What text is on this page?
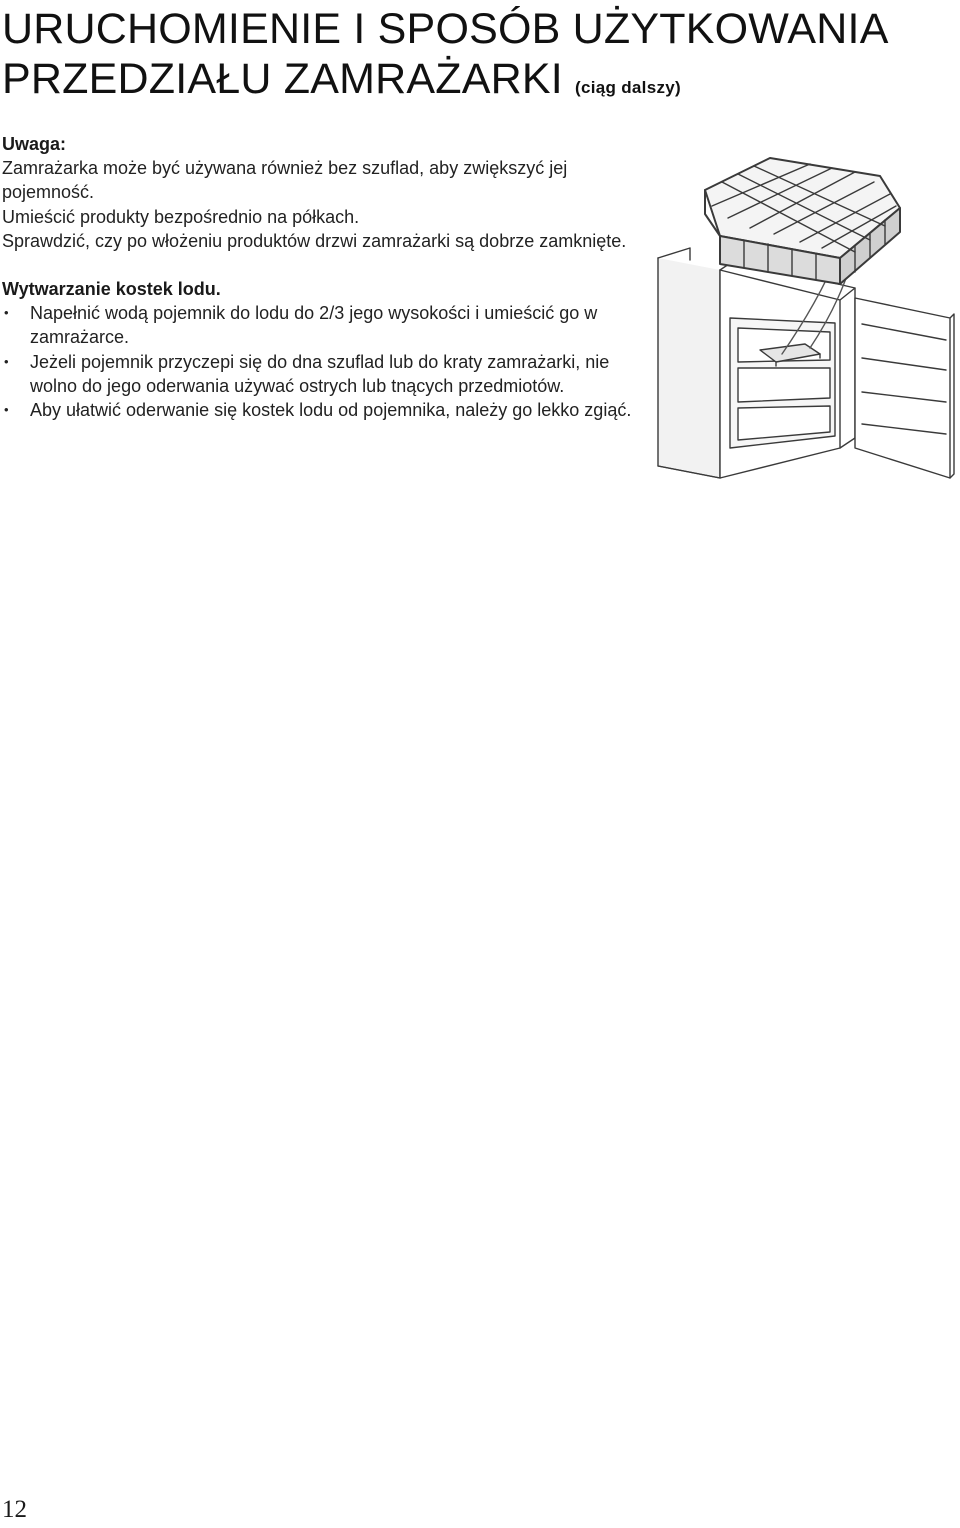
URUCHOMIENIE I SPOSÓB UŻYTKOWANIA
PRZEDZIAŁU ZAMRAŻARKI (ciąg dalszy)

Uwaga:

Zamrażarka może być używana również bez szuflad, aby zwiększyć jej pojemność.

Umieścić produkty bezpośrednio na półkach.

Sprawdzić, czy po włożeniu produktów drzwi zamrażarki są dobrze zamknięte.

Wytwarzanie kostek lodu.

• Napełnić wodą pojemnik do lodu do 2/3 jego wysokości i umieścić go w zamrażarce.
• Jeżeli pojemnik przyczepi się do dna szuflad lub do kraty zamrażarki, nie wolno do jego oderwania używać ostrych lub tnących przedmiotów.
• Aby ułatwić oderwanie się kostek lodu od pojemnika, należy go lekko zgiąć.
12
